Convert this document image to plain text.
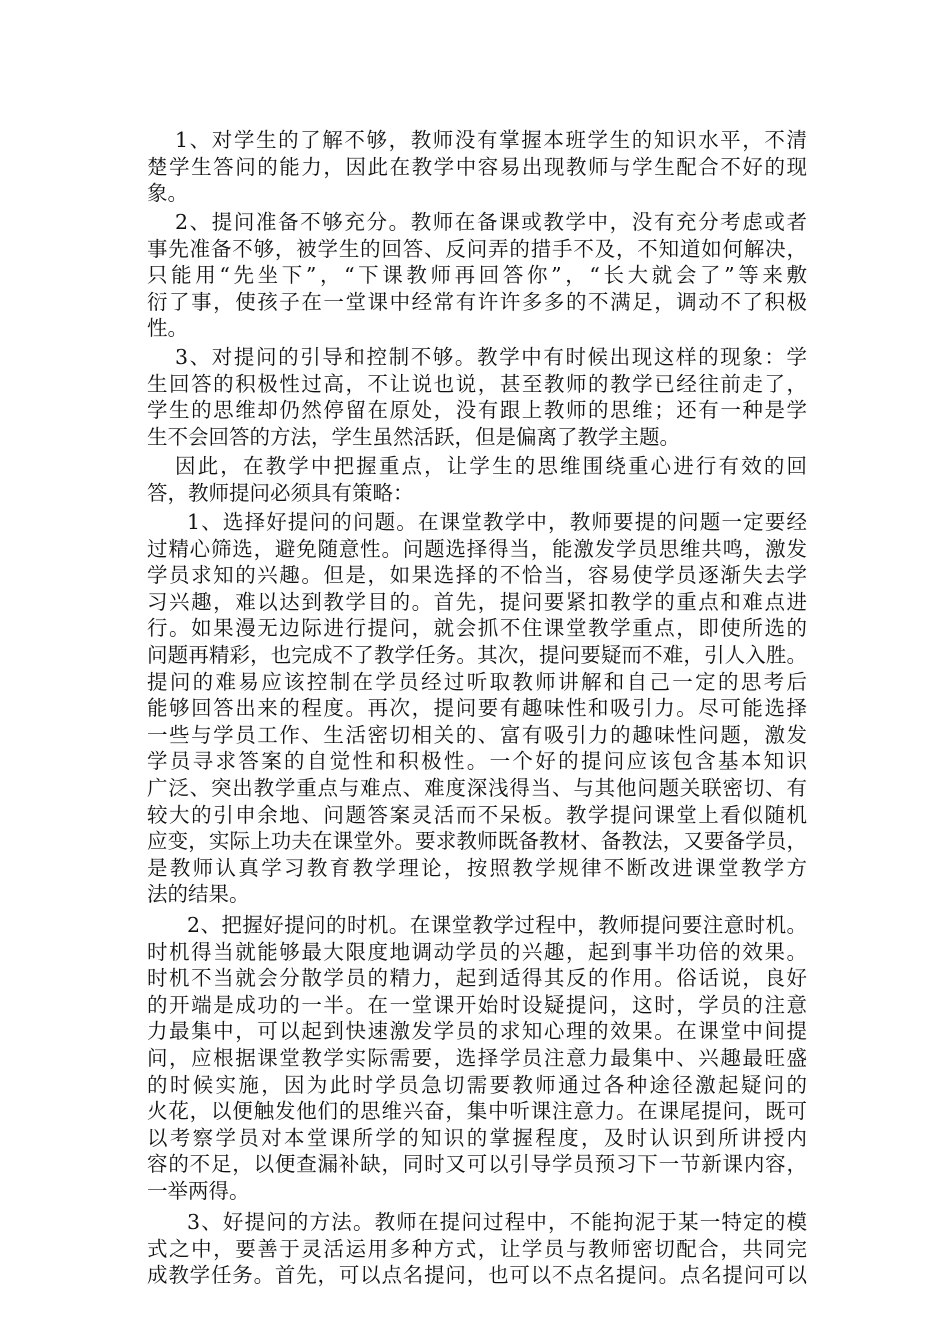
1、对学生的了解不够，教师没有掌握本班学生的知识水平，不清
楚学生答问的能力，因此在教学中容易出现教师与学生配合不好的现
象。
2、提问准备不够充分。教师在备课或教学中，没有充分考虑或者
事先准备不够，被学生的回答、反问弄的措手不及，不知道如何解决，
只能用“先坐下”，“下课教师再回答你”，“长大就会了”等来敷
衍了事，使孩子在一堂课中经常有许许多多的不满足，调动不了积极
性。
3、对提问的引导和控制不够。教学中有时候出现这样的现象：学
生回答的积极性过高，不让说也说，甚至教师的教学已经往前走了，
学生的思维却仍然停留在原处，没有跟上教师的思维；还有一种是学
生不会回答的方法，学生虽然活跃，但是偏离了教学主题。
因此，在教学中把握重点，让学生的思维围绕重心进行有效的回
答，教师提问必须具有策略：
1、选择好提问的问题。在课堂教学中，教师要提的问题一定要经
过精心筛选，避免随意性。问题选择得当，能激发学员思维共鸣，激发
学员求知的兴趣。但是，如果选择的不恰当，容易使学员逐渐失去学
习兴趣，难以达到教学目的。首先，提问要紧扣教学的重点和难点进
行。如果漫无边际进行提问，就会抓不住课堂教学重点，即使所选的
问题再精彩，也完成不了教学任务。其次，提问要疑而不难，引人入胜。
提问的难易应该控制在学员经过听取教师讲解和自己一定的思考后
能够回答出来的程度。再次，提问要有趣味性和吸引力。尽可能选择
一些与学员工作、生活密切相关的、富有吸引力的趣味性问题，激发
学员寻求答案的自觉性和积极性。一个好的提问应该包含基本知识
广泛、突出教学重点与难点、难度深浅得当、与其他问题关联密切、有
较大的引申余地、问题答案灵活而不呆板。教学提问课堂上看似随机
应变，实际上功夫在课堂外。要求教师既备教材、备教法，又要备学员，
是教师认真学习教育教学理论，按照教学规律不断改进课堂教学方
法的结果。
2、把握好提问的时机。在课堂教学过程中，教师提问要注意时机。
时机得当就能够最大限度地调动学员的兴趣，起到事半功倍的效果。
时机不当就会分散学员的精力，起到适得其反的作用。俗话说，良好
的开端是成功的一半。在一堂课开始时设疑提问，这时，学员的注意
力最集中，可以起到快速激发学员的求知心理的效果。在课堂中间提
问，应根据课堂教学实际需要，选择学员注意力最集中、兴趣最旺盛
的时候实施，因为此时学员急切需要教师通过各种途径激起疑问的
火花，以便触发他们的思维兴奋，集中听课注意力。在课尾提问，既可
以考察学员对本堂课所学的知识的掌握程度，及时认识到所讲授内
容的不足，以便查漏补缺，同时又可以引导学员预习下一节新课内容，
一举两得。
3、好提问的方法。教师在提问过程中，不能拘泥于某一特定的模
式之中，要善于灵活运用多种方式，让学员与教师密切配合，共同完
成教学任务。首先，可以点名提问，也可以不点名提问。点名提问可以
